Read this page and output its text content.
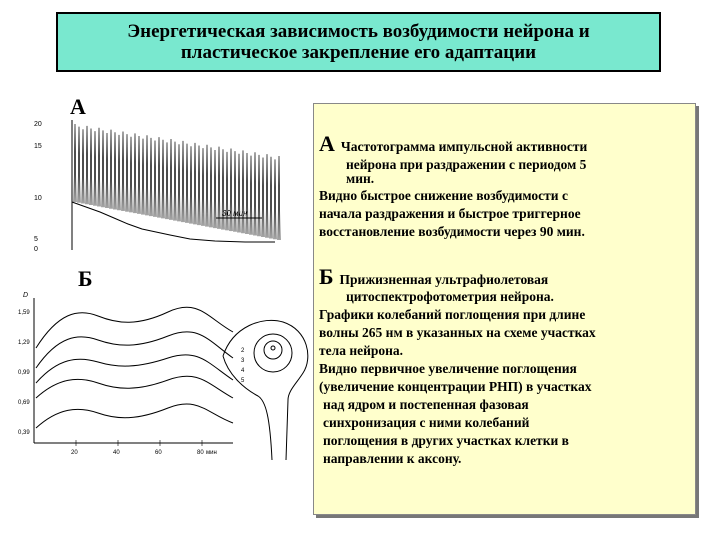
Энергетическая зависимость возбудимости нейрона и
пластическое закрепление его адаптации
А
20
15
10
5
0
30 мин
Б
D
1,59
1,29
0,99
0,69
0,39
20	40	60	80 мин
2
3
4
5
А Частотограмма импульсной активности
нейрона при раздражении с периодом 5
мин.
Видно быстрое снижение возбудимости с
начала раздражения и быстрое триггерное
восстановление возбудимости через 90 мин.
Б Прижизненная ультрафиолетовая
цитоспектрофотометрия нейрона.
Графики колебаний поглощения при длине
волны 265 нм в указанных на схеме участках
тела нейрона.
Видно первичное увеличение поглощения
(увеличение концентрации РНП) в участках
над ядром и постепенная фазовая
синхронизация с ними колебаний
поглощения в других участках клетки в
направлении к аксону.
